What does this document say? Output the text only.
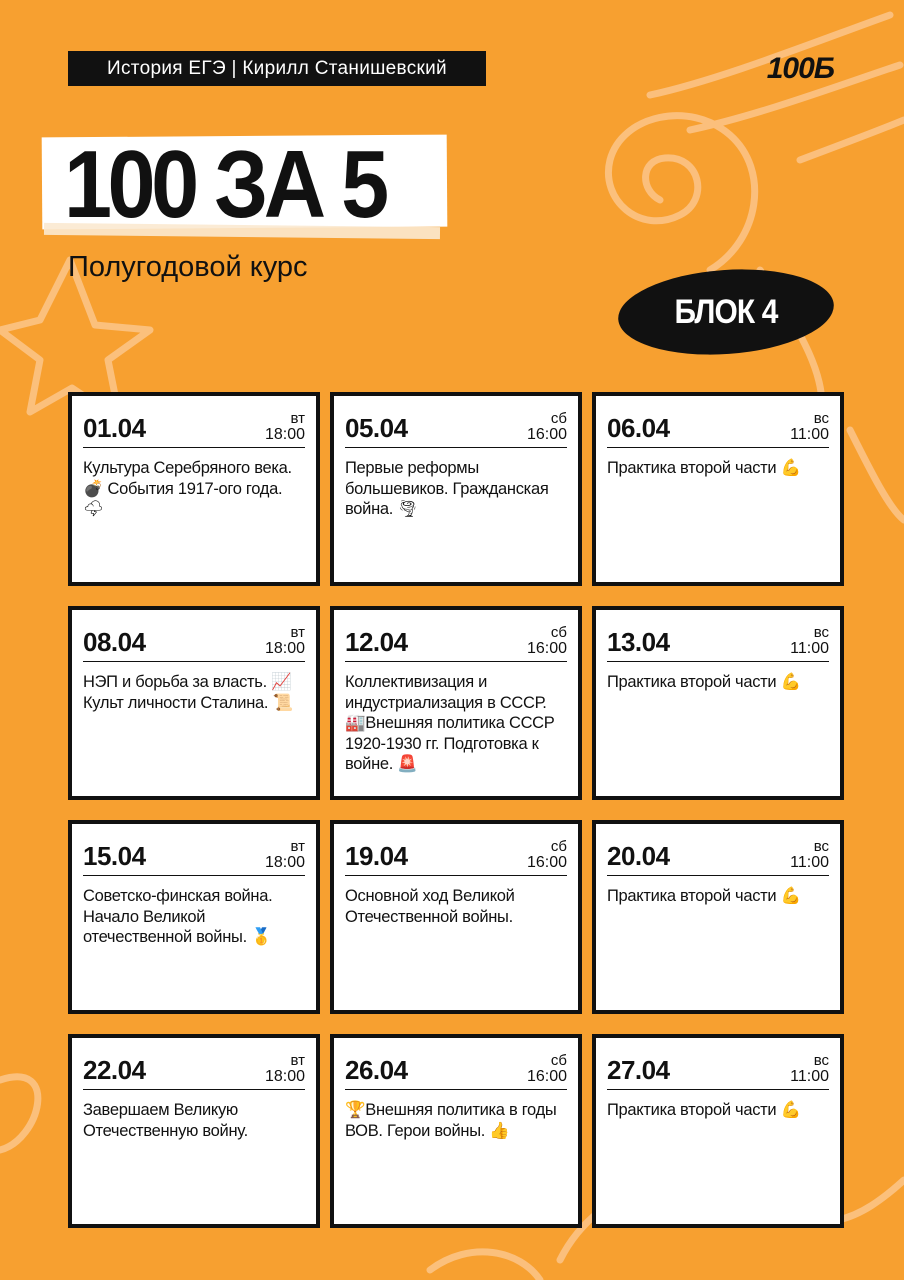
История ЕГЭ | Кирилл Станишевский	100Б
100 ЗА 5
Полугодовой курс
БЛОК 4
01.04	вт
18:00
Культура Серебряного века. 💣 События 1917-ого года. 🌩
05.04	сб
16:00
Первые реформы большевиков. Гражданская война. 🌪
06.04	вс
11:00
Практика второй части 💪
08.04	вт
18:00
НЭП и борьба за власть. 📈 Культ личности Сталина. 📜
12.04	сб
16:00
Коллективизация и индустриализация в СССР. 🏭Внешняя политика СССР 1920-1930 гг. Подготовка к войне. 🚨
13.04	вс
11:00
Практика второй части 💪
15.04	вт
18:00
Советско-финская война. Начало Великой отечественной войны. 🥇
19.04	сб
16:00
Основной ход Великой Отечественной войны.
20.04	вс
11:00
Практика второй части 💪
22.04	вт
18:00
Завершаем Великую Отечественную войну.
26.04	сб
16:00
🏆Внешняя политика в годы ВОВ. Герои войны. 👍
27.04	вс
11:00
Практика второй части 💪
